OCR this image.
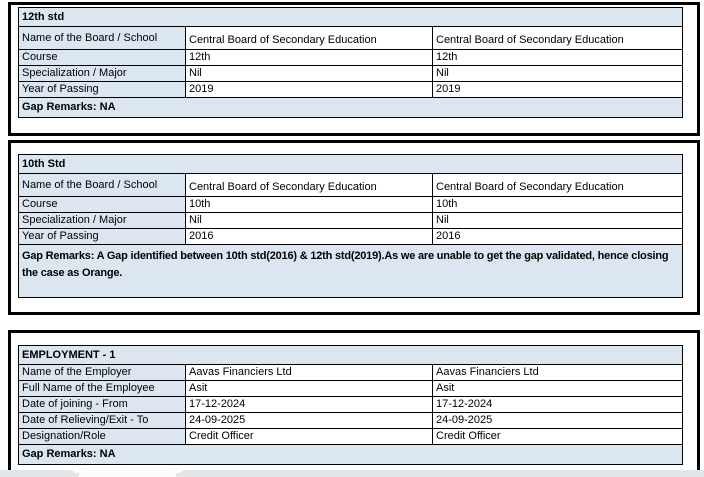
12th std		
Name of the Board / School	Central Board of Secondary Education	Central Board of Secondary Education
Course	12th	12th
Specialization / Major	Nil	Nil
Year of Passing	2019	2019
Gap Remarks: NA		
10th Std		
Name of the Board / School	Central Board of Secondary Education	Central Board of Secondary Education
Course	10th	10th
Specialization / Major	Nil	Nil
Year of Passing	2016	2016
Gap Remarks: A Gap identified between 10th std(2016) & 12th std(2019).As we are unable to get the gap validated, hence closing the case as Orange.		
EMPLOYMENT - 1		
Name of the Employer	Aavas Financiers Ltd	Aavas Financiers Ltd
Full Name of the Employee	Asit	Asit
Date of joining - From	17-12-2024	17-12-2024
Date of Relieving/Exit - To	24-09-2025	24-09-2025
Designation/Role	Credit Officer	Credit Officer
Gap Remarks: NA		
